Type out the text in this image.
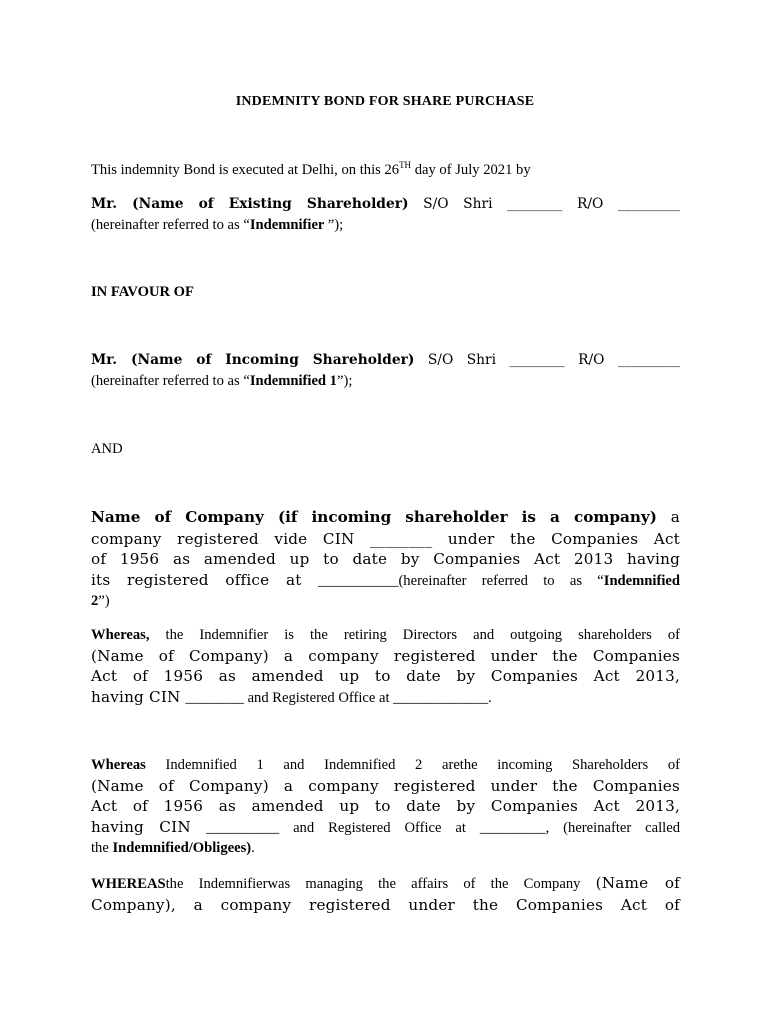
INDEMNITY BOND FOR SHARE PURCHASE
This indemnity Bond is executed at Delhi, on this 26TH day of July 2021 by
Mr. (Name of Existing Shareholder) S/O Shri ________ R/O _________
(hereinafter referred to as “Indemnifier ”);
IN FAVOUR OF
Mr. (Name of Incoming Shareholder) S/O Shri ________ R/O _________
(hereinafter referred to as “Indemnified 1”);
AND
Name of Company (if incoming shareholder is a company) a
company registered vide CIN ________ under the Companies Act
of 1956 as amended up to date by Companies Act 2013 having
its registered office at ___________(hereinafter referred to as “Indemnified
2”)
Whereas, the Indemnifier is the retiring Directors and outgoing shareholders of
(Name of Company) a company registered under the Companies
Act of 1956 as amended up to date by Companies Act 2013,
having CIN ________ and Registered Office at _____________.
Whereas Indemnified 1 and Indemnified 2 arethe incoming Shareholders of
(Name of Company) a company registered under the Companies
Act of 1956 as amended up to date by Companies Act 2013,
having CIN __________ and Registered Office at _________, (hereinafter called
the Indemnified/Obligees).
WHEREASthe Indemnifierwas managing the affairs of the Company (Name of
Company), a company registered under the Companies Act of
